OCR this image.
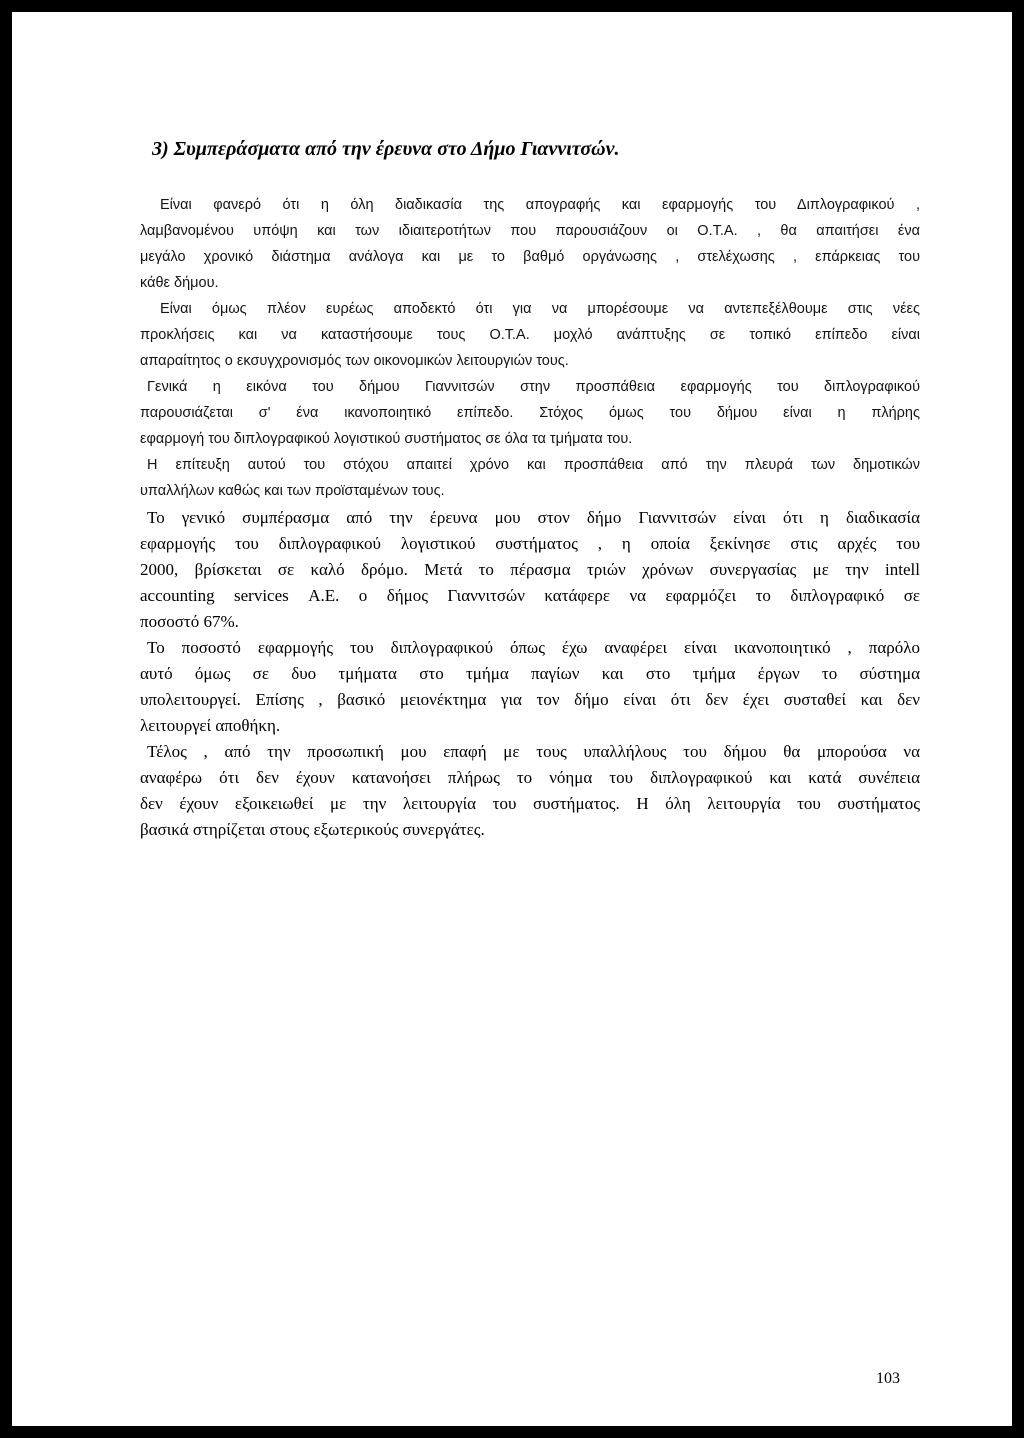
3) Συμπεράσματα από την έρευνα στο Δήμο Γιαννιτσών.
Είναι φανερό ότι η όλη διαδικασία της απογραφής και εφαρμογής του Διπλογραφικού ,
λαμβανομένου υπόψη και των ιδιαιτεροτήτων που παρουσιάζουν οι Ο.Τ.Α. , θα απαιτήσει ένα
μεγάλο χρονικό διάστημα ανάλογα και με το βαθμό οργάνωσης , στελέχωσης , επάρκειας του
κάθε δήμου.
Είναι όμως πλέον ευρέως αποδεκτό ότι για να μπορέσουμε να αντεπεξέλθουμε στις νέες
προκλήσεις και να καταστήσουμε τους Ο.Τ.Α. μοχλό ανάπτυξης σε τοπικό επίπεδο είναι
απαραίτητος ο εκσυγχρονισμός των οικονομικών λειτουργιών τους.
Γενικά η εικόνα του δήμου Γιαννιτσών στην προσπάθεια εφαρμογής του διπλογραφικού
παρουσιάζεται σ' ένα ικανοποιητικό επίπεδο. Στόχος όμως του δήμου είναι η πλήρης
εφαρμογή του διπλογραφικού λογιστικού συστήματος σε όλα τα τμήματα του.
Η επίτευξη αυτού του στόχου απαιτεί χρόνο και προσπάθεια από την πλευρά των δημοτικών
υπαλλήλων καθώς και των προϊσταμένων τους.
Το γενικό συμπέρασμα από την έρευνα μου στον δήμο Γιαννιτσών είναι ότι η διαδικασία
εφαρμογής του διπλογραφικού λογιστικού συστήματος , η οποία ξεκίνησε στις αρχές του
2000, βρίσκεται σε καλό δρόμο. Μετά το πέρασμα τριών χρόνων συνεργασίας με την intell
accounting services Α.Ε. ο δήμος Γιαννιτσών κατάφερε να εφαρμόζει το διπλογραφικό σε
ποσοστό 67%.
Το ποσοστό εφαρμογής του διπλογραφικού όπως έχω αναφέρει είναι ικανοποιητικό , παρόλο
αυτό όμως σε δυο τμήματα στο τμήμα παγίων και στο τμήμα έργων το σύστημα
υπολειτουργεί. Επίσης , βασικό μειονέκτημα για τον δήμο είναι ότι δεν έχει συσταθεί και δεν
λειτουργεί αποθήκη.
Τέλος , από την προσωπική μου επαφή με τους υπαλλήλους του δήμου θα μπορούσα να
αναφέρω ότι δεν έχουν κατανοήσει πλήρως το νόημα του διπλογραφικού και κατά συνέπεια
δεν έχουν εξοικειωθεί με την λειτουργία του συστήματος. Η όλη λειτουργία του συστήματος
βασικά στηρίζεται στους εξωτερικούς συνεργάτες.
103
